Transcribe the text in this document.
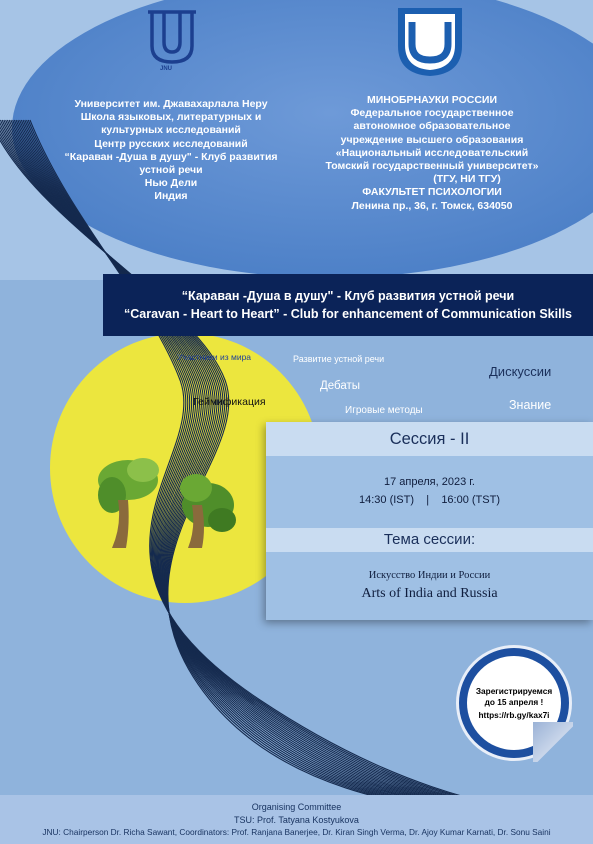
JNU
Университет им. Джавахарлала Неру
Школа языковых, литературных и
культурных исследований
Центр русских исследований
“Караван -Душа в душу" - Клуб развития
устной речи
Нью Дели
Индия
МИНОБРНАУКИ РОССИИ
Федеральное государственное
автономное образовательное
учреждение высшего образования
«Национальный исследовательский
Томский государственный университет»
(ТГУ, НИ ТГУ)
ФАКУЛЬТЕТ ПСИХОЛОГИИ
Ленина пр., 36, г. Томск, 634050
“Караван -Душа в душу" - Клуб развития устной речи
“Caravan - Heart to Heart” - Club for enhancement of Communication Skills
Участники из мира	Развитие устной речи
Дебаты
Геймификация
Игровые методы
Дискуссии
Знание
Сессия - II
17 апреля, 2023 г.
14:30 (IST)    |    16:00 (TST)
Тема сессии:
Искусство Индии и России
Arts of India and Russia
Зарегистрируемся
до 15 апреля !
https://rb.gy/kax7i
Organising Committee
TSU: Prof. Tatyana Kostyukova
JNU: Chairperson Dr. Richa Sawant, Coordinators: Prof. Ranjana Banerjee, Dr. Kiran Singh Verma, Dr. Ajoy Kumar Karnati, Dr. Sonu Saini
